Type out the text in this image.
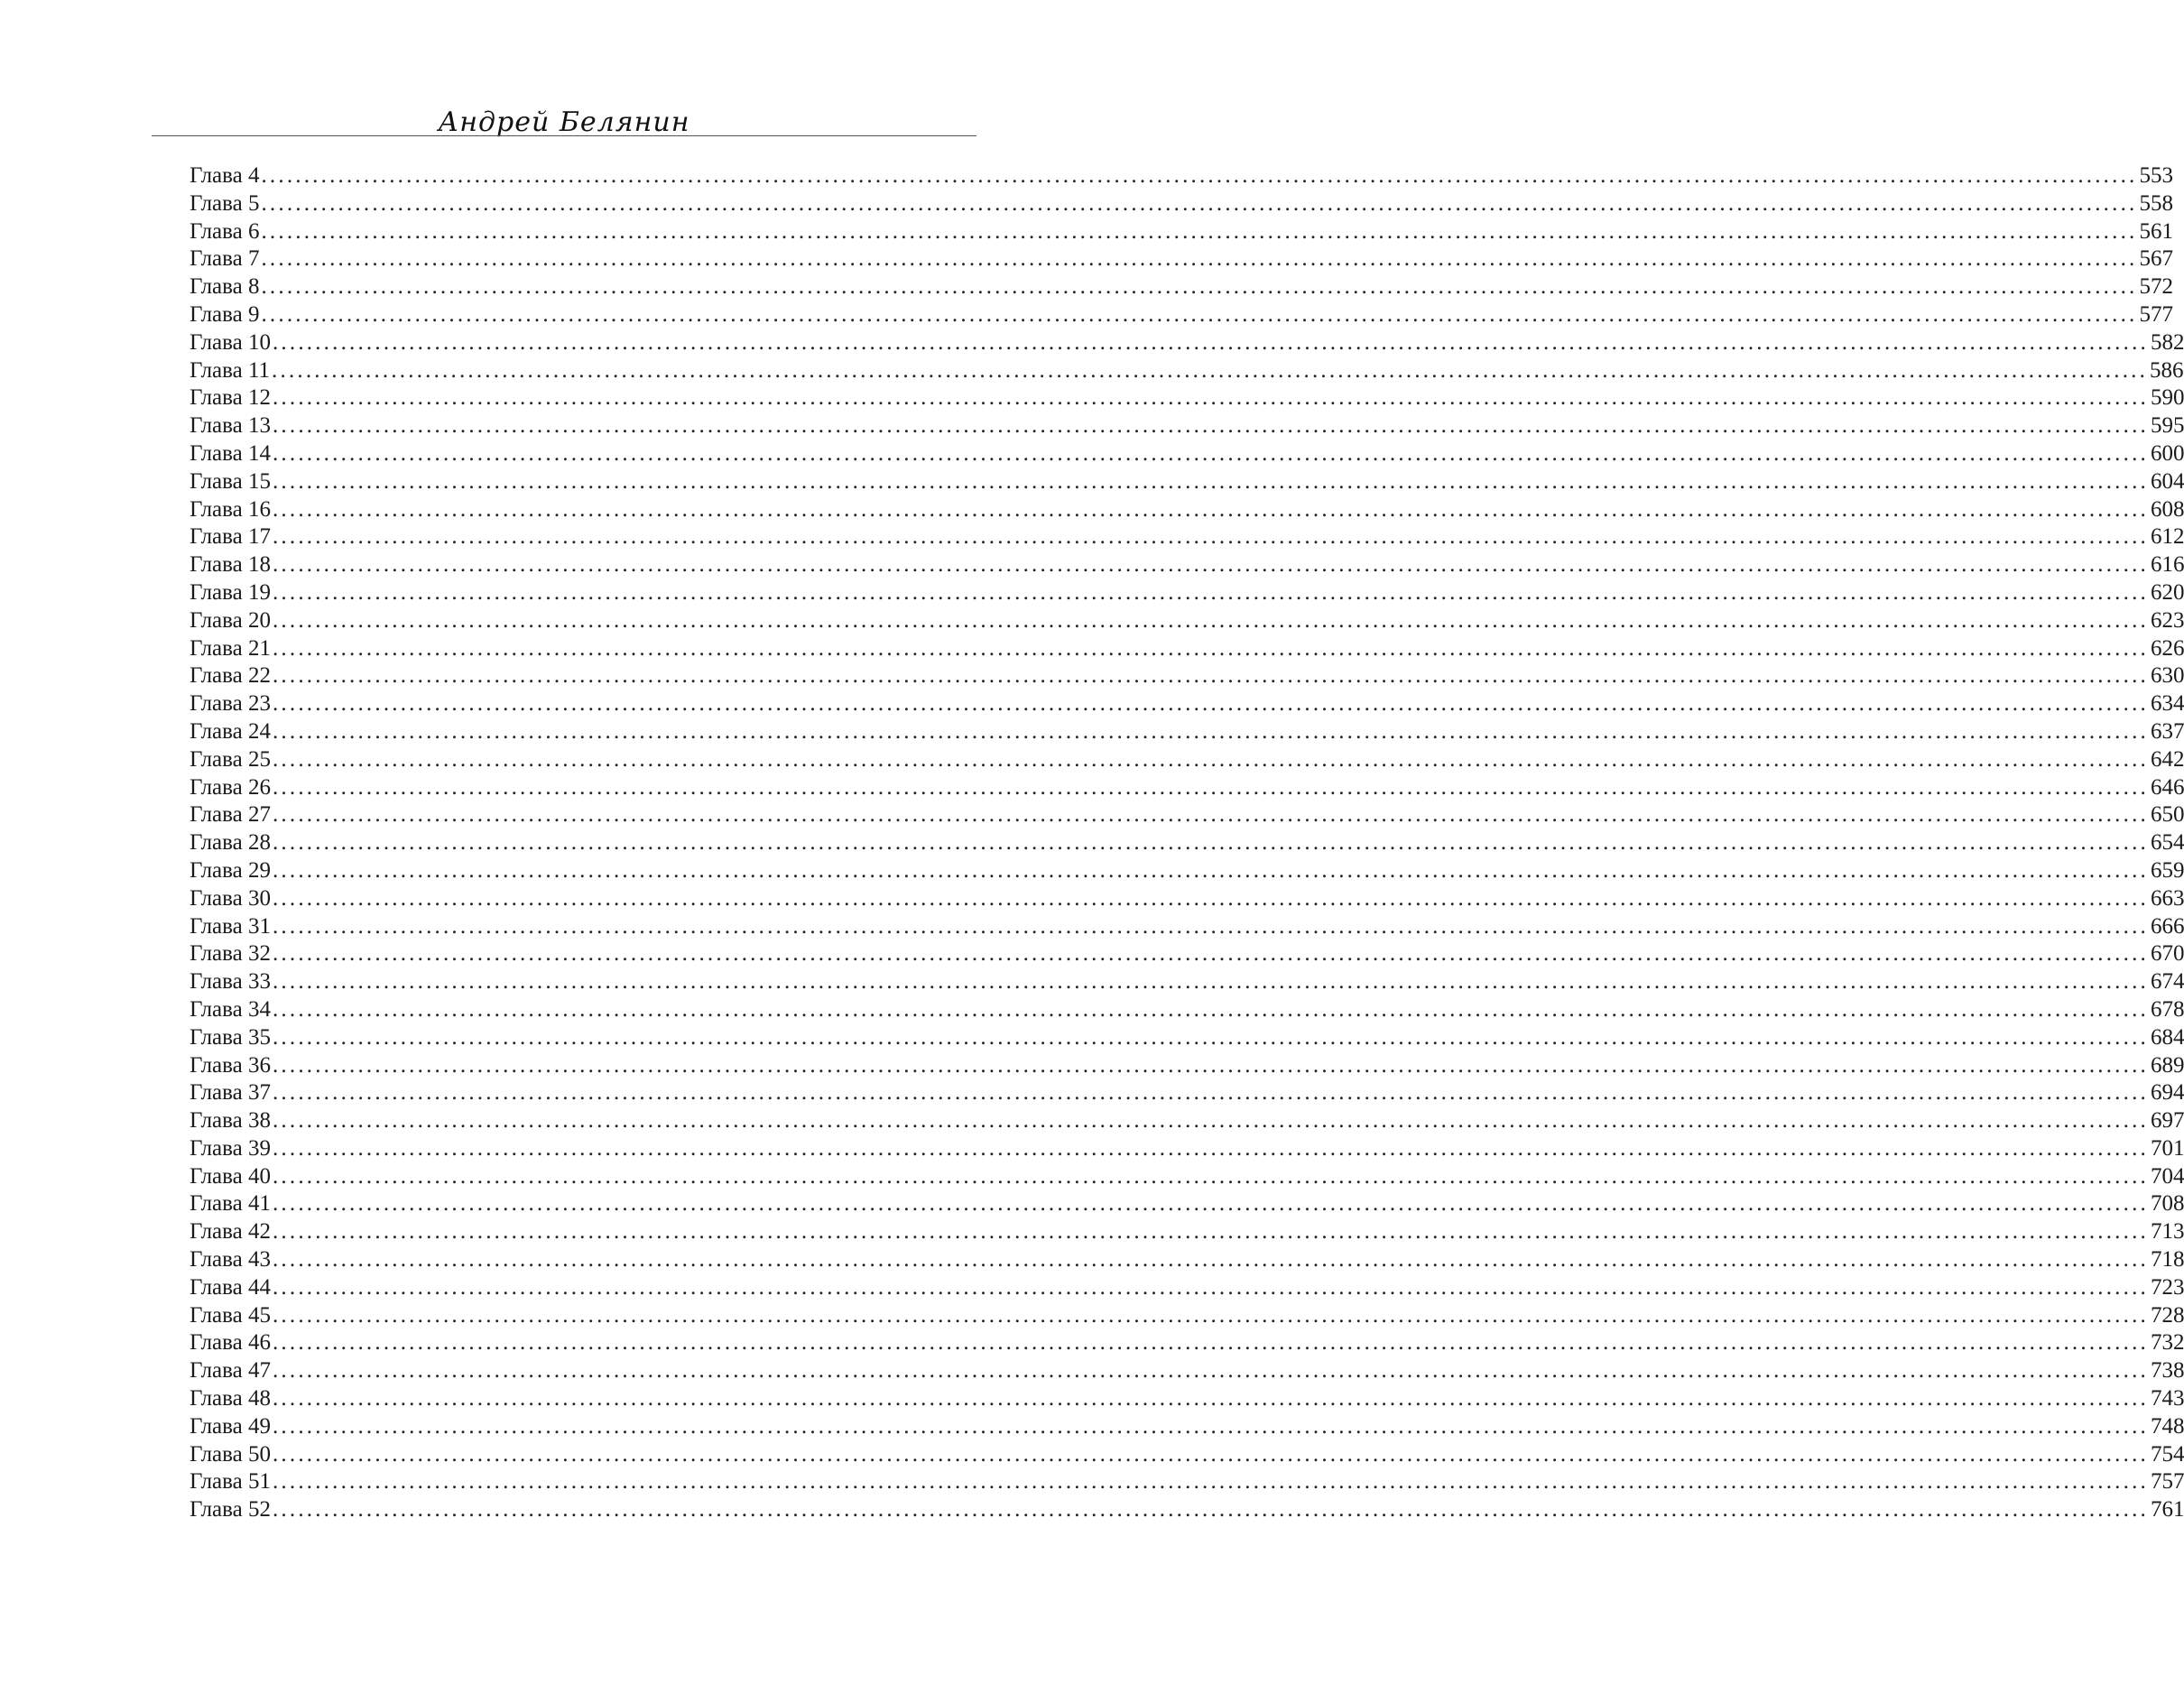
Андрей Белянин
Глава 4 ............................................................................................................................................................................................................................ 553
Глава 5 ............................................................................................................................................................................................................................ 558
Глава 6 ............................................................................................................................................................................................................................ 561
Глава 7 ............................................................................................................................................................................................................................ 567
Глава 8 ............................................................................................................................................................................................................................ 572
Глава 9 ............................................................................................................................................................................................................................ 577
Глава 10 ............................................................................................................................................................................................................................ 582
Глава 11 ............................................................................................................................................................................................................................ 586
Глава 12 ............................................................................................................................................................................................................................ 590
Глава 13 ............................................................................................................................................................................................................................ 595
Глава 14 ............................................................................................................................................................................................................................ 600
Глава 15 ............................................................................................................................................................................................................................ 604
Глава 16 ............................................................................................................................................................................................................................ 608
Глава 17 ............................................................................................................................................................................................................................ 612
Глава 18 ............................................................................................................................................................................................................................ 616
Глава 19 ............................................................................................................................................................................................................................ 620
Глава 20 ............................................................................................................................................................................................................................ 623
Глава 21 ............................................................................................................................................................................................................................ 626
Глава 22 ............................................................................................................................................................................................................................ 630
Глава 23 ............................................................................................................................................................................................................................ 634
Глава 24 ............................................................................................................................................................................................................................ 637
Глава 25 ............................................................................................................................................................................................................................ 642
Глава 26 ............................................................................................................................................................................................................................ 646
Глава 27 ............................................................................................................................................................................................................................ 650
Глава 28 ............................................................................................................................................................................................................................ 654
Глава 29 ............................................................................................................................................................................................................................ 659
Глава 30 ............................................................................................................................................................................................................................ 663
Глава 31 ............................................................................................................................................................................................................................ 666
Глава 32 ............................................................................................................................................................................................................................ 670
Глава 33 ............................................................................................................................................................................................................................ 674
Глава 34 ............................................................................................................................................................................................................................ 678
Глава 35 ............................................................................................................................................................................................................................ 684
Глава 36 ............................................................................................................................................................................................................................ 689
Глава 37 ............................................................................................................................................................................................................................ 694
Глава 38 ............................................................................................................................................................................................................................ 697
Глава 39 ............................................................................................................................................................................................................................ 701
Глава 40 ............................................................................................................................................................................................................................ 704
Глава 41 ............................................................................................................................................................................................................................ 708
Глава 42 ............................................................................................................................................................................................................................ 713
Глава 43 ............................................................................................................................................................................................................................ 718
Глава 44 ............................................................................................................................................................................................................................ 723
Глава 45 ............................................................................................................................................................................................................................ 728
Глава 46 ............................................................................................................................................................................................................................ 732
Глава 47 ............................................................................................................................................................................................................................ 738
Глава 48 ............................................................................................................................................................................................................................ 743
Глава 49 ............................................................................................................................................................................................................................ 748
Глава 50 ............................................................................................................................................................................................................................ 754
Глава 51 ............................................................................................................................................................................................................................ 757
Глава 52 ............................................................................................................................................................................................................................ 761
